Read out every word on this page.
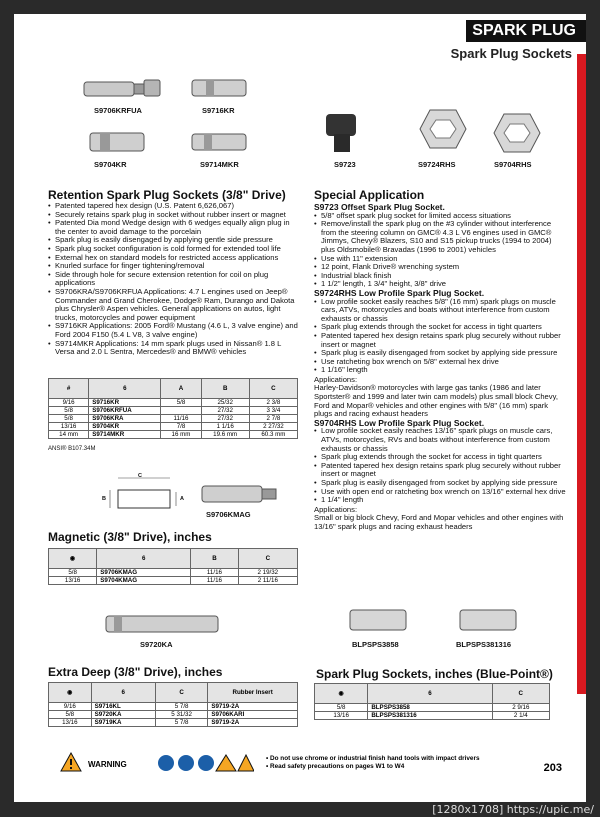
SPARK PLUG
Spark Plug Sockets
S9706KRFUA	S9716KR
S9704KR	S9714MKR	S9723	S9724RHS	S9704RHS
Retention Spark Plug Sockets (3/8" Drive)
• Patented tapered hex design (U.S. Patent 6,626,067)
• Securely retains spark plug in socket without rubber insert or magnet
• Patented Dia mond Wedge design with 6 wedges equally align plug in the center to avoid damage to the porcelain
• Spark plug is easily disengaged by applying gentle side pressure
• Spark plug socket configuration is cold formed for extended tool life
• External hex on standard models for restricted access applications
• Knurled surface for finger tightening/removal
• Side through hole for secure extension retention for coil on plug applications
• S9706KRA/S9706KRFUA Applications: 4.7 L engines used on Jeep® Commander and Grand Cherokee, Dodge® Ram, Durango and Dakota plus Chrysler® Aspen vehicles. General applications on autos, light trucks, motorcycles and power equipment
• S9716KR Applications: 2005 Ford® Mustang (4.6 L, 3 valve engine) and Ford 2004 F150 (5.4 L V8, 3 valve engine)
• S9714MKR Applications: 14 mm spark plugs used in Nissan® 1.8 L Versa and 2.0 L Sentra, Mercedes® and BMW® vehicles
#	6	A	B	C
9/16	S9716KR	5/8	25/32	2 3/8
5/8	S9706KRFUA		27/32	3 3/4
5/8	S9706KRA	11/16	27/32	2 7/8
13/16	S9704KR	7/8	1 1/16	2 27/32
14 mm	S9714MKR	16 mm	19.6 mm	60.3 mm
ANSI® B107.34M
C
B	A
S9706KMAG
Magnetic (3/8" Drive), inches
◉	6	B	C
5/8	S9706KMAG	11/16	2 19/32
13/16	S9704KMAG	11/16	2 11/16
S9720KA
Extra Deep (3/8" Drive), inches
◉	6	C	Rubber Insert
9/16	S9716KL	5 7/8	S9719-2A
5/8	S9720KA	5 31/32	S9706KARI
13/16	S9719KA	5 7/8	S9719-2A
Special Application
S9723 Offset Spark Plug Socket.
• 5/8" offset spark plug socket for limited access situations
• Remove/install the spark plug on the #3 cylinder without interference from the steering column on GMC® 4.3 L V6 engines used in GMC® Jimmys, Chevy® Blazers, S10 and S15 pickup trucks (1994 to 2004) plus Oldsmobile® Bravadas (1996 to 2001) vehicles
• Use with 11" extension
• 12 point, Flank Drive® wrenching system
• Industrial black finish
• 1 1/2" length, 1 3/4" height, 3/8" drive
S9724RHS Low Profile Spark Plug Socket.
• Low profile socket easily reaches 5/8" (16 mm) spark plugs on muscle cars, ATVs, motorcycles and boats without interference from custom exhausts or chassis
• Spark plug extends through the socket for access in tight quarters
• Patented tapered hex design retains spark plug securely without rubber insert or magnet
• Spark plug is easily disengaged from socket by applying side pressure
• Use ratcheting box wrench on 5/8" external hex drive
• 1 1/16" length

Applications:

Harley-Davidson® motorcycles with large gas tanks (1986 and later Sportster® and 1999 and later twin cam models) plus small block Chevy, Ford and Mopar® vehicles and other engines with 5/8" (16 mm) spark plugs and racing exhaust headers

S9704RHS Low Profile Spark Plug Socket.
• Low profile socket easily reaches 13/16" spark plugs on muscle cars, ATVs, motorcycles, RVs and boats without interference from custom exhausts or chassis
• Spark plug extends through the socket for access in tight quarters
• Patented tapered hex design retains spark plug securely without rubber insert or magnet
• Spark plug is easily disengaged from socket by applying side pressure
• Use with open end or ratcheting box wrench on 13/16" external hex drive
• 1 1/4" length

Applications:

Small or big block Chevy, Ford and Mopar vehicles and other engines with 13/16" spark plugs and racing exhaust headers

BLPSPS3858	BLPSPS381316
Spark Plug Sockets, inches (Blue-Point®)
◉	6	C
5/8	BLPSPS3858	2 9/16
13/16	BLPSPS381316	2 1/4
WARNING
• Do not use chrome or industrial finish hand tools with impact drivers
• Read safety precautions on pages W1 to W4	203
[1280x1708] https://upic.me/
